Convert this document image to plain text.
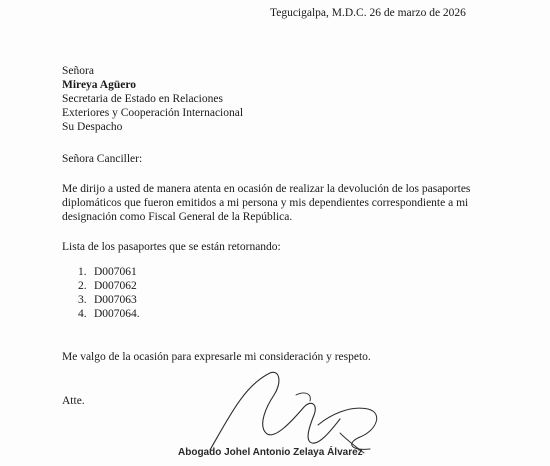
Tegucigalpa, M.D.C. 26 de marzo de 2026
Señora
Mireya Agüero
Secretaria de Estado en Relaciones
Exteriores y Cooperación Internacional
Su Despacho
Señora Canciller:
Me dirijo a usted de manera atenta en ocasión de realizar la devolución de los pasaportes diplomáticos que fueron emitidos a mi persona y mis dependientes correspondiente a mi designación como Fiscal General de la República.
Lista de los pasaportes que se están retornando:
1. D007061
2. D007062
3. D007063
4. D007064.
Me valgo de la ocasión para expresarle mi consideración y respeto.
Atte.
Abogado Johel Antonio Zelaya Álvarez
